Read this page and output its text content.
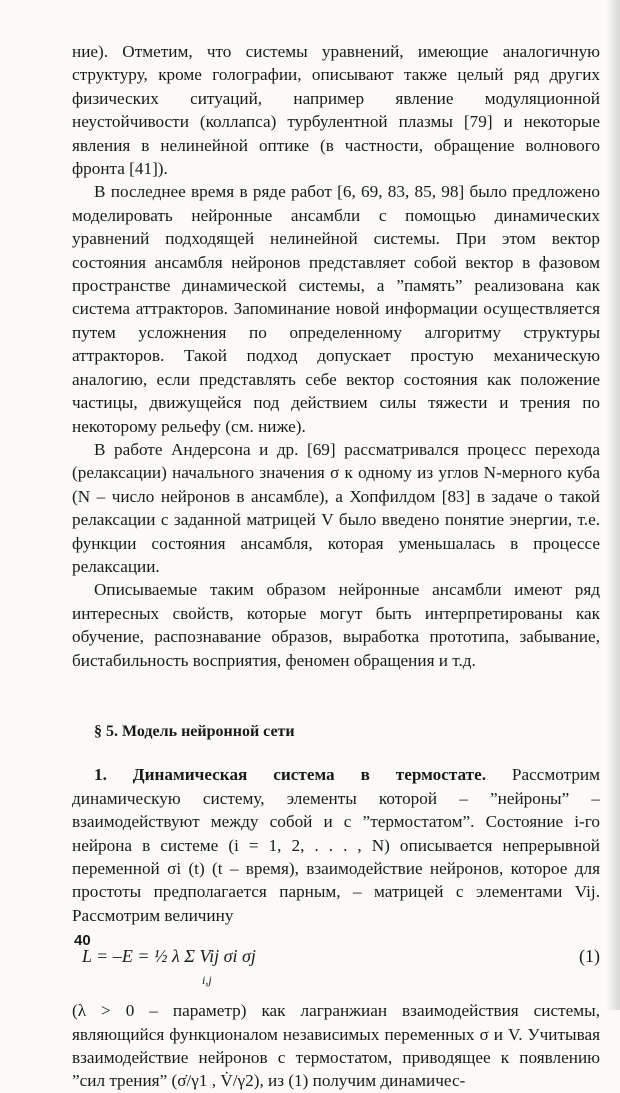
ние). Отметим, что системы уравнений, имеющие аналогичную структуру, кроме голографии, описывают также целый ряд других физических ситуаций, например явление модуляционной неустойчивости (коллапса) турбулентной плазмы [79] и некоторые явления в нелинейной оптике (в частности, обращение волнового фронта [41]).

В последнее время в ряде работ [6, 69, 83, 85, 98] было предложено моделировать нейронные ансамбли с помощью динамических уравнений подходящей нелинейной системы. При этом вектор состояния ансамбля нейронов представляет собой вектор в фазовом пространстве динамической системы, а ”память” реализована как система аттракторов. Запоминание новой информации осуществляется путем усложнения по определенному алгоритму структуры аттракторов. Такой подход допускает простую механическую аналогию, если представлять себе вектор состояния как положение частицы, движущейся под действием силы тяжести и трения по некоторому рельефу (см. ниже).

В работе Андерсона и др. [69] рассматривался процесс перехода (релаксации) начального значения σ к одному из углов N-мерного куба (N – число нейронов в ансамбле), а Хопфилдом [83] в задаче о такой релаксации с заданной матрицей V было введено понятие энергии, т.е. функции состояния ансамбля, которая уменьшалась в процессе релаксации.

Описываемые таким образом нейронные ансамбли имеют ряд интересных свойств, которые могут быть интерпретированы как обучение, распознавание образов, выработка прототипа, забывание, бистабильность восприятия, феномен обращения и т.д.

§ 5. Модель нейронной сети

1. Динамическая система в термостате. Рассмотрим динамическую систему, элементы которой – ”нейроны” – взаимодействуют между собой и с ”термостатом”. Состояние i-го нейрона в системе (i = 1, 2, . . . , N) описывается непрерывной переменной σi (t) (t – время), взаимодействие нейронов, которое для простоты предполагается парным, – матрицей с элементами Vij. Рассмотрим величину

L = –E = ½ λ Σ Vij σi σj
i,j
(1)

(λ > 0 – параметр) как лагранжиан взаимодействия системы, являющийся функционалом независимых переменных σ и V. Учитывая взаимодействие нейронов с термостатом, приводящее к появлению ”сил трения” (σ̇/γ1 , V̇/γ2), из (1) получим динамичес-

40
